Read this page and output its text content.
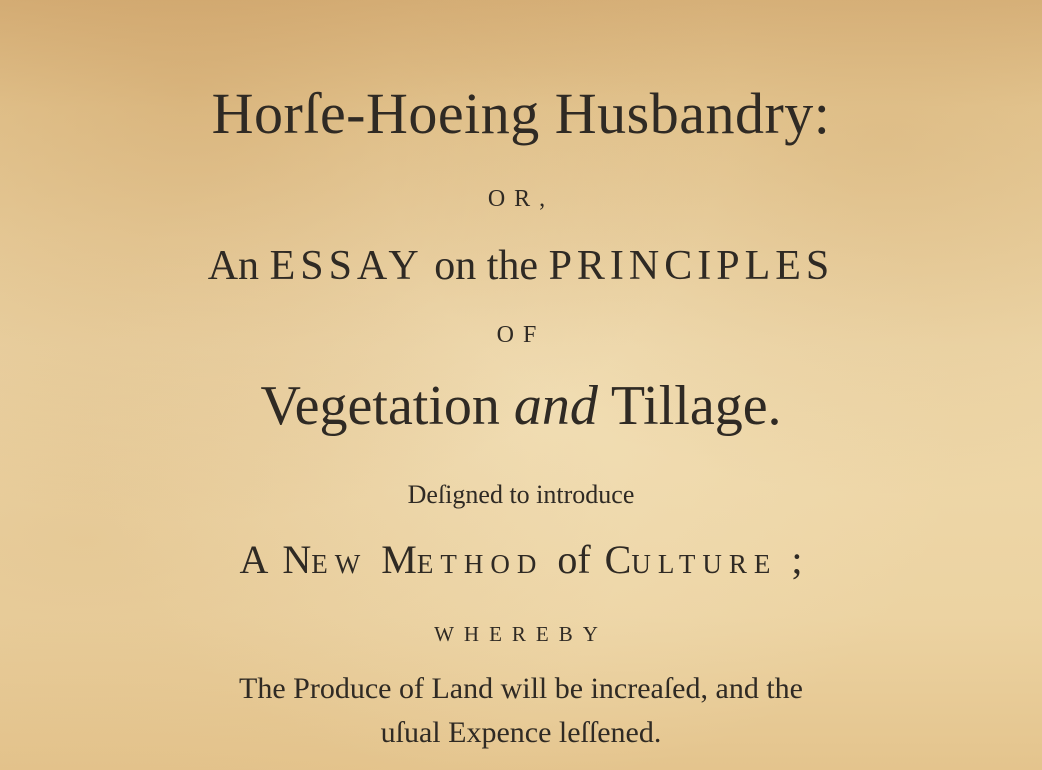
Horſe-Hoeing Husbandry:

OR,

An ESSAY on the PRINCIPLES

OF

Vegetation and Tillage.

Deſigned to introduce

A NEW METHOD of CULTURE ;

WHEREBY

The Produce of Land will be increaſed, and the

uſual Expence leſſened.
